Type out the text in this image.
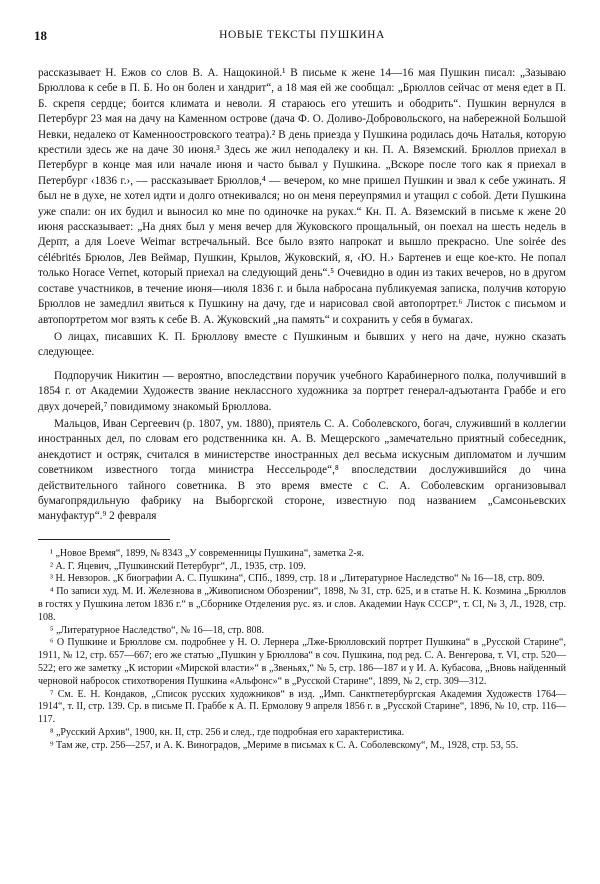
18	НОВЫЕ ТЕКСТЫ ПУШКИНА

рассказывает Н. Ежов со слов В. А. Нащокиной.¹ В письме к жене 14—16 мая Пушкин писал: „Зазываю Брюллова к себе в П. Б. Но он болен и хандрит“, а 18 мая ей же сообщал: „Брюллов сейчас от меня едет в П. Б. скрепя сердце; боится климата и неволи. Я стараюсь его утешить и ободрить“. Пушкин вернулся в Петербург 23 мая на дачу на Каменном острове (дача Ф. О. Доливо-Добровольского, на набережной Большой Невки, недалеко от Каменноостровского театра).² В день приезда у Пушкина родилась дочь Наталья, которую крестили здесь же на даче 30 июня.³ Здесь же жил неподалеку и кн. П. А. Вяземский. Брюллов приехал в Петербург в конце мая или начале июня и часто бывал у Пушкина. „Вскоре после того как я приехал в Петербург ‹1836 г.›, — рассказывает Брюллов,⁴ — вечером, ко мне пришел Пушкин и звал к себе ужинать. Я был не в духе, не хотел идти и долго отнекивался; но он меня переупрямил и утащил с собой. Дети Пушкина уже спали: он их будил и выносил ко мне по одиночке на руках.“ Кн. П. А. Вяземский в письме к жене 20 июня рассказывает: „На днях был у меня вечер для Жуковского прощальный, он поехал на шесть недель в Дерпт, а для Loeve Weimar встречальный. Все было взято напрокат и вышло прекрасно. Une soirée des célébrités Брюлов, Лев Веймар, Пушкин, Крылов, Жуковский, я, ‹Ю. Н.› Бартенев и еще кое-кто. Не попал только Horace Vernet, который приехал на следующий день“.⁵ Очевидно в один из таких вечеров, но в другом составе участников, в течение июня—июля 1836 г. и была набросана публикуемая записка, получив которую Брюллов не замедлил явиться к Пушкину на дачу, где и нарисовал свой автопортрет.⁶ Листок с письмом и автопортретом мог взять к себе В. А. Жуковский „на память“ и сохранить у себя в бумагах.

О лицах, писавших К. П. Брюллову вместе с Пушкиным и бывших у него на даче, нужно сказать следующее.

Подпоручик Никитин — вероятно, впоследствии поручик учебного Карабинерного полка, получивший в 1854 г. от Академии Художеств звание некласcного художника за портрет генерал-адъютанта Граббе и его двух дочерей,⁷ повидимому знакомый Брюллова.

Мальцов, Иван Сергеевич (р. 1807, ум. 1880), приятель С. А. Соболевского, богач, служивший в коллегии иностранных дел, по словам его родственника кн. А. В. Мещерского „замечательно приятный собеседник, анекдотист и остряк, считался в министерстве иностранных дел весьма искусным дипломатом и лучшим советником известного тогда министра Нессельроде“,⁸ впоследствии дослужившийся до чина действительного тайного советника. В это время вместе с С. А. Соболевским организовывал бумагопрядильную фабрику на Выборгской стороне, известную под названием „Самсоньевских мануфактур“.⁹ 2 февраля

¹ „Новое Время“, 1899, № 8343 „У современницы Пушкина“, заметка 2-я.

² А. Г. Яцевич, „Пушкинский Петербург“, Л., 1935, стр. 109.

³ Н. Невзоров. „К биографии А. С. Пушкина“, СПб., 1899, стр. 18 и „Литературное Наследство“ № 16—18, стр. 809.

⁴ По записи худ. М. И. Железнова в „Живописном Обозрении“, 1898, № 31, стр. 625, и в статье Н. К. Козмина „Брюллов в гостях у Пушкина летом 1836 г.“ в „Сборнике Отделения рус. яз. и слов. Академии Наук СССР“, т. CI, № 3, Л., 1928, стр. 108.

⁵ „Литературное Наследство“, № 16—18, стр. 808.

⁶ О Пушкине и Брюллове см. подробнее у Н. О. Лернера „Лже-Брюлловский портрет Пушкина“ в „Русской Старине“, 1911, № 12, стр. 657—667; его же статью „Пушкин у Брюллова“ в соч. Пушкина, под ред. С. А. Венгерова, т. VI, стр. 520—522; его же заметку „К истории «Мирской власти»“ в „Звеньях,“ № 5, стр. 186—187 и у И. А. Кубасова, „Вновь найденный черновой набросок стихотворения Пушкина «Альфонс»“ в „Русской Старине“, 1899, № 2, стр. 309—312.

⁷ См. Е. Н. Кондаков, „Список русских художников“ в изд. „Имп. Санктпетербургская Академия Художеств 1764—1914“, т. II, стр. 139. Ср. в письме П. Граббе к А. П. Ермолову 9 апреля 1856 г. в „Русской Старине“, 1896, № 10, стр. 116—117.

⁸ „Русский Архив“, 1900, кн. II, стр. 256 и след., где подробная его характеристика.

⁹ Там же, стр. 256—257, и А. К. Виноградов, „Мериме в письмах к С. А. Соболевскому“, М., 1928, стр. 53, 55.
